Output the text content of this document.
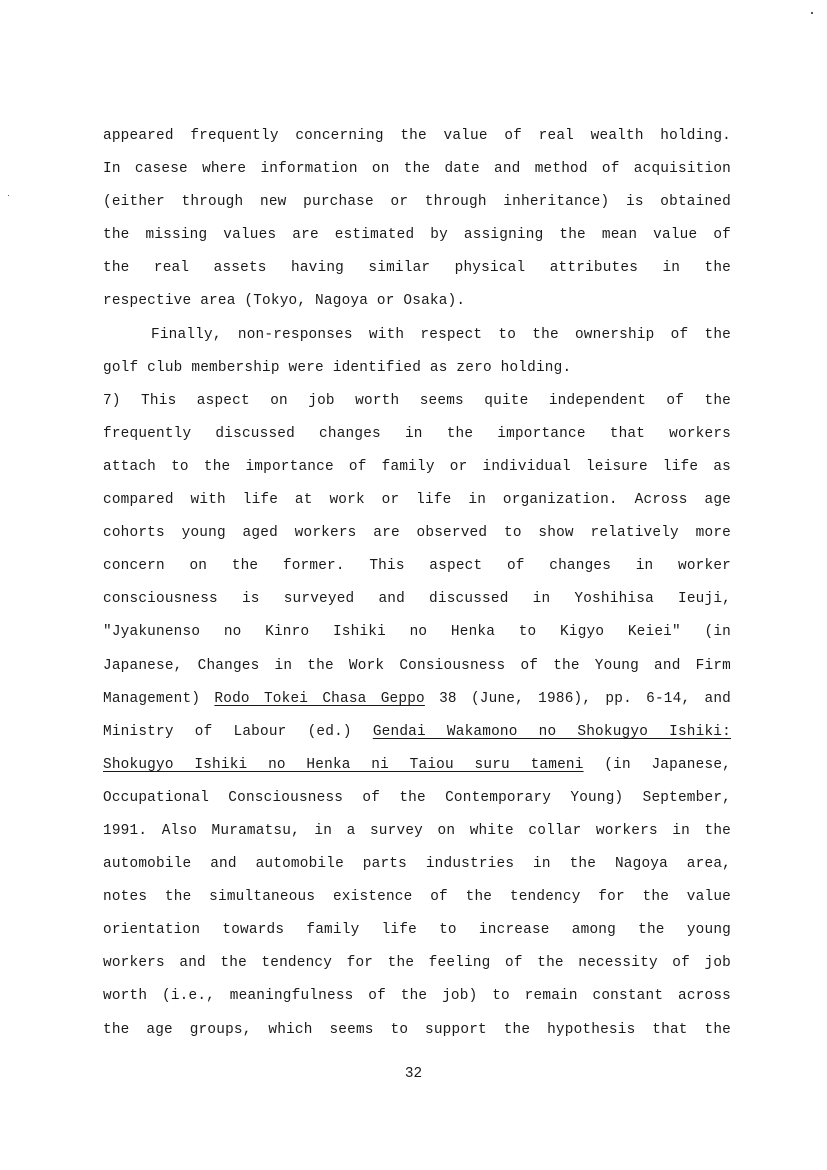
appeared frequently concerning the value of real wealth holding.
In casese where information on the date and method of acquisition
(either through new purchase or through inheritance) is obtained
the missing values are estimated by assigning the mean value of
the real assets having similar physical attributes in the
respective area (Tokyo, Nagoya or Osaka).
Finally, non-responses with respect to the ownership of the
golf club membership were identified as zero holding.
7) This aspect on job worth seems quite independent of the
frequently discussed changes in the importance that workers
attach to the importance of family or individual leisure life as
compared with life at work or life in organization. Across age
cohorts young aged workers are observed to show relatively more
concern on the former. This aspect of changes in worker
consciousness is surveyed and discussed in Yoshihisa Ieuji,
"Jyakunenso no Kinro Ishiki no Henka to Kigyo Keiei" (in
Japanese, Changes in the Work Consiousness of the Young and Firm
Management) Rodo Tokei Chasa Geppo 38 (June, 1986), pp. 6-14, and
Ministry of Labour (ed.) Gendai Wakamono no Shokugyo Ishiki:
Shokugyo Ishiki no Henka ni Taiou suru tameni (in Japanese,
Occupational Consciousness of the Contemporary Young) September,
1991. Also Muramatsu, in a survey on white collar workers in the
automobile and automobile parts industries in the Nagoya area,
notes the simultaneous existence of the tendency for the value
orientation towards family life to increase among the young
workers and the tendency for the feeling of the necessity of job
worth (i.e., meaningfulness of the job) to remain constant across
the age groups, which seems to support the hypothesis that the
32
